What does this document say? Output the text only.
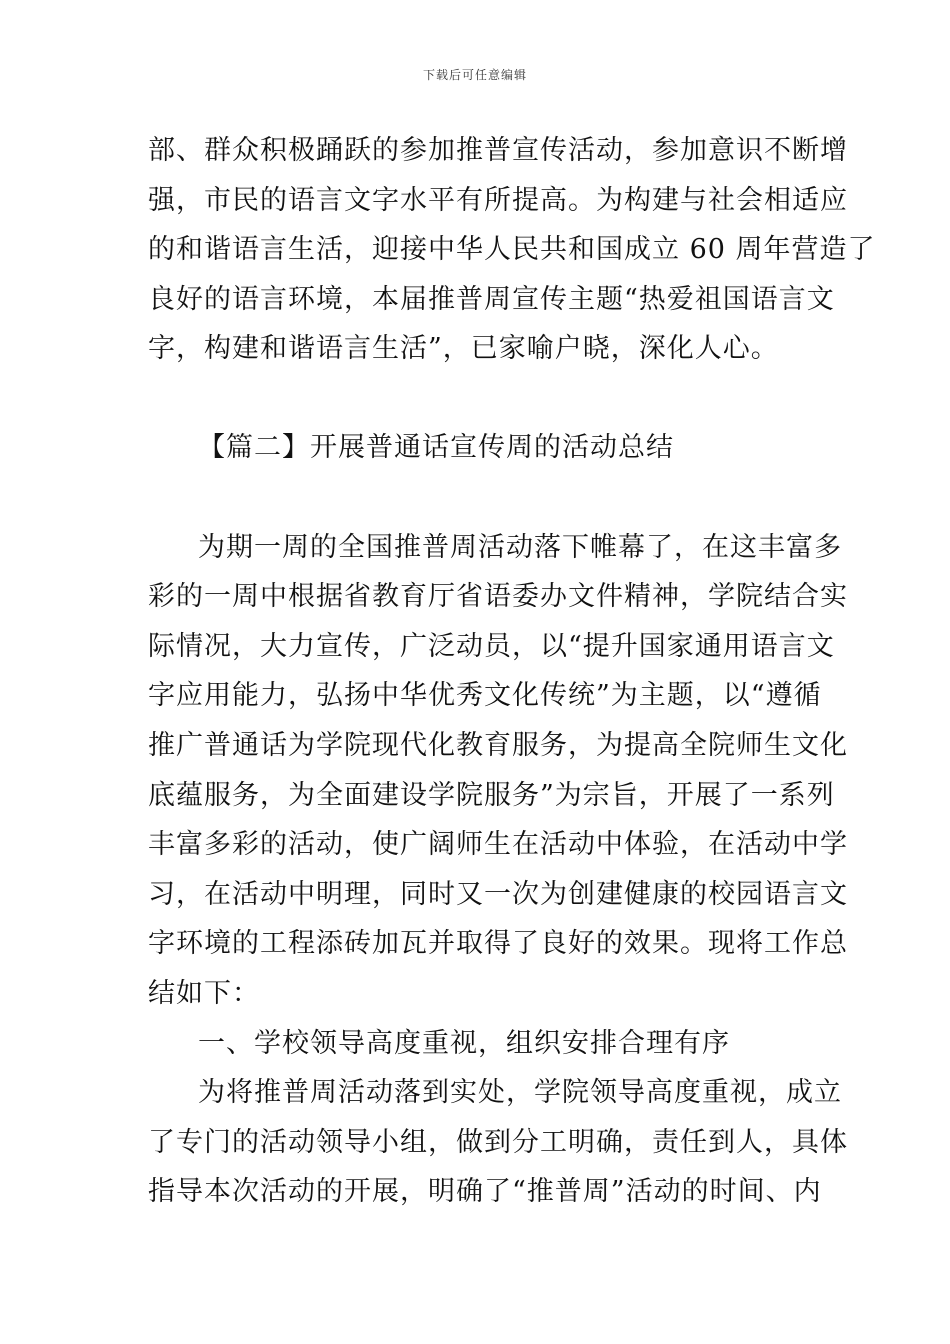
下载后可任意编辑
部、群众积极踊跃的参加推普宣传活动，参加意识不断增
强，市民的语言文字水平有所提高。为构建与社会相适应
的和谐语言生活，迎接中华人民共和国成立 60 周年营造了
良好的语言环境，本届推普周宣传主题“热爱祖国语言文
字，构建和谐语言生活”，已家喻户晓，深化人心。
【篇二】开展普通话宣传周的活动总结
为期一周的全国推普周活动落下帷幕了，在这丰富多
彩的一周中根据省教育厅省语委办文件精神，学院结合实
际情况，大力宣传，广泛动员，以“提升国家通用语言文
字应用能力，弘扬中华优秀文化传统”为主题，以“遵循
推广普通话为学院现代化教育服务，为提高全院师生文化
底蕴服务，为全面建设学院服务”为宗旨，开展了一系列
丰富多彩的活动，使广阔师生在活动中体验，在活动中学
习，在活动中明理，同时又一次为创建健康的校园语言文
字环境的工程添砖加瓦并取得了良好的效果。现将工作总
结如下：
一、学校领导高度重视，组织安排合理有序
为将推普周活动落到实处，学院领导高度重视，成立
了专门的活动领导小组，做到分工明确，责任到人，具体
指导本次活动的开展，明确了“推普周”活动的时间、内
